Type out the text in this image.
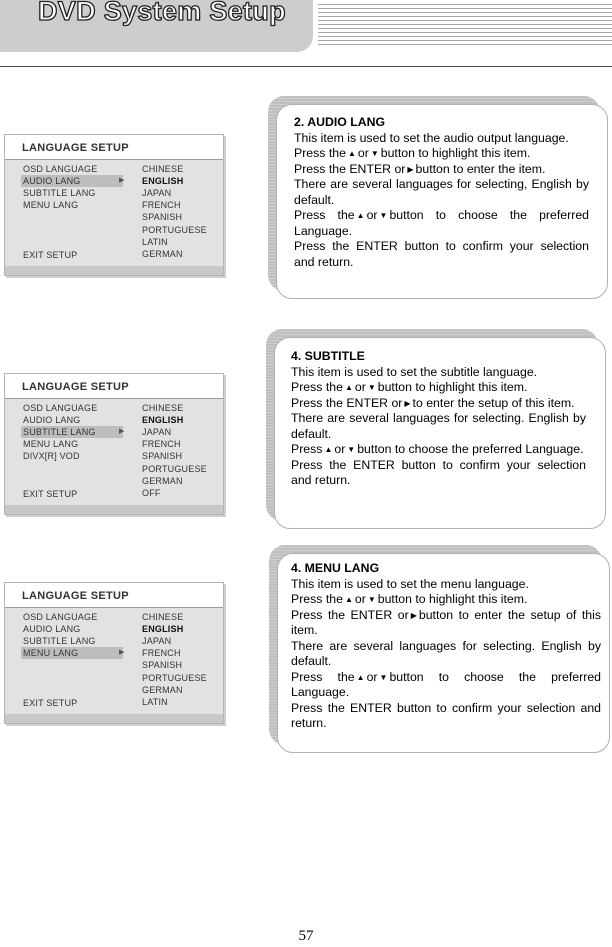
DVD System Setup
LANGUAGE SETUP
OSD LANGUAGE
AUDIO LANG ▶
SUBTITLE LANG
MENU LANG
EXIT SETUP
CHINESE
ENGLISH
JAPAN
FRENCH
SPANISH
PORTUGUESE
LATIN
GERMAN
LANGUAGE SETUP
OSD LANGUAGE
AUDIO LANG
SUBTITLE LANG ▶
MENU LANG
DIVX[R] VOD
EXIT SETUP
CHINESE
ENGLISH
JAPAN
FRENCH
SPANISH
PORTUGUESE
GERMAN
OFF
LANGUAGE SETUP
OSD LANGUAGE
AUDIO LANG
SUBTITLE LANG
MENU LANG ▶
EXIT SETUP
CHINESE
ENGLISH
JAPAN
FRENCH
SPANISH
PORTUGUESE
GERMAN
LATIN

2. AUDIO LANG

This item is used to set the audio output language.

Press the ▲ or ▼ button to highlight this item.

Press the ENTER or ▶ button to enter the item.

There are several languages for selecting, English by default.

Press the ▲ or ▼ button to choose the preferred Language.

Press the ENTER button to confirm your selection and return.

4. SUBTITLE

This item is used to set the subtitle language.

Press the ▲ or ▼ button to highlight this item.

Press the ENTER or ▶ to enter the setup of this item.

There are several languages for selecting. English by default.

Press ▲ or ▼ button to choose the preferred Language.

Press the ENTER button to confirm your selection and return.

4. MENU LANG

This item is used to set the menu language.

Press the ▲ or ▼ button to highlight this item.

Press the ENTER or ▶ button to enter the setup of this item.

There are several languages for selecting. English by default.

Press the ▲ or ▼ button to choose the preferred Language.

Press the ENTER button to confirm your selection and return.

57
